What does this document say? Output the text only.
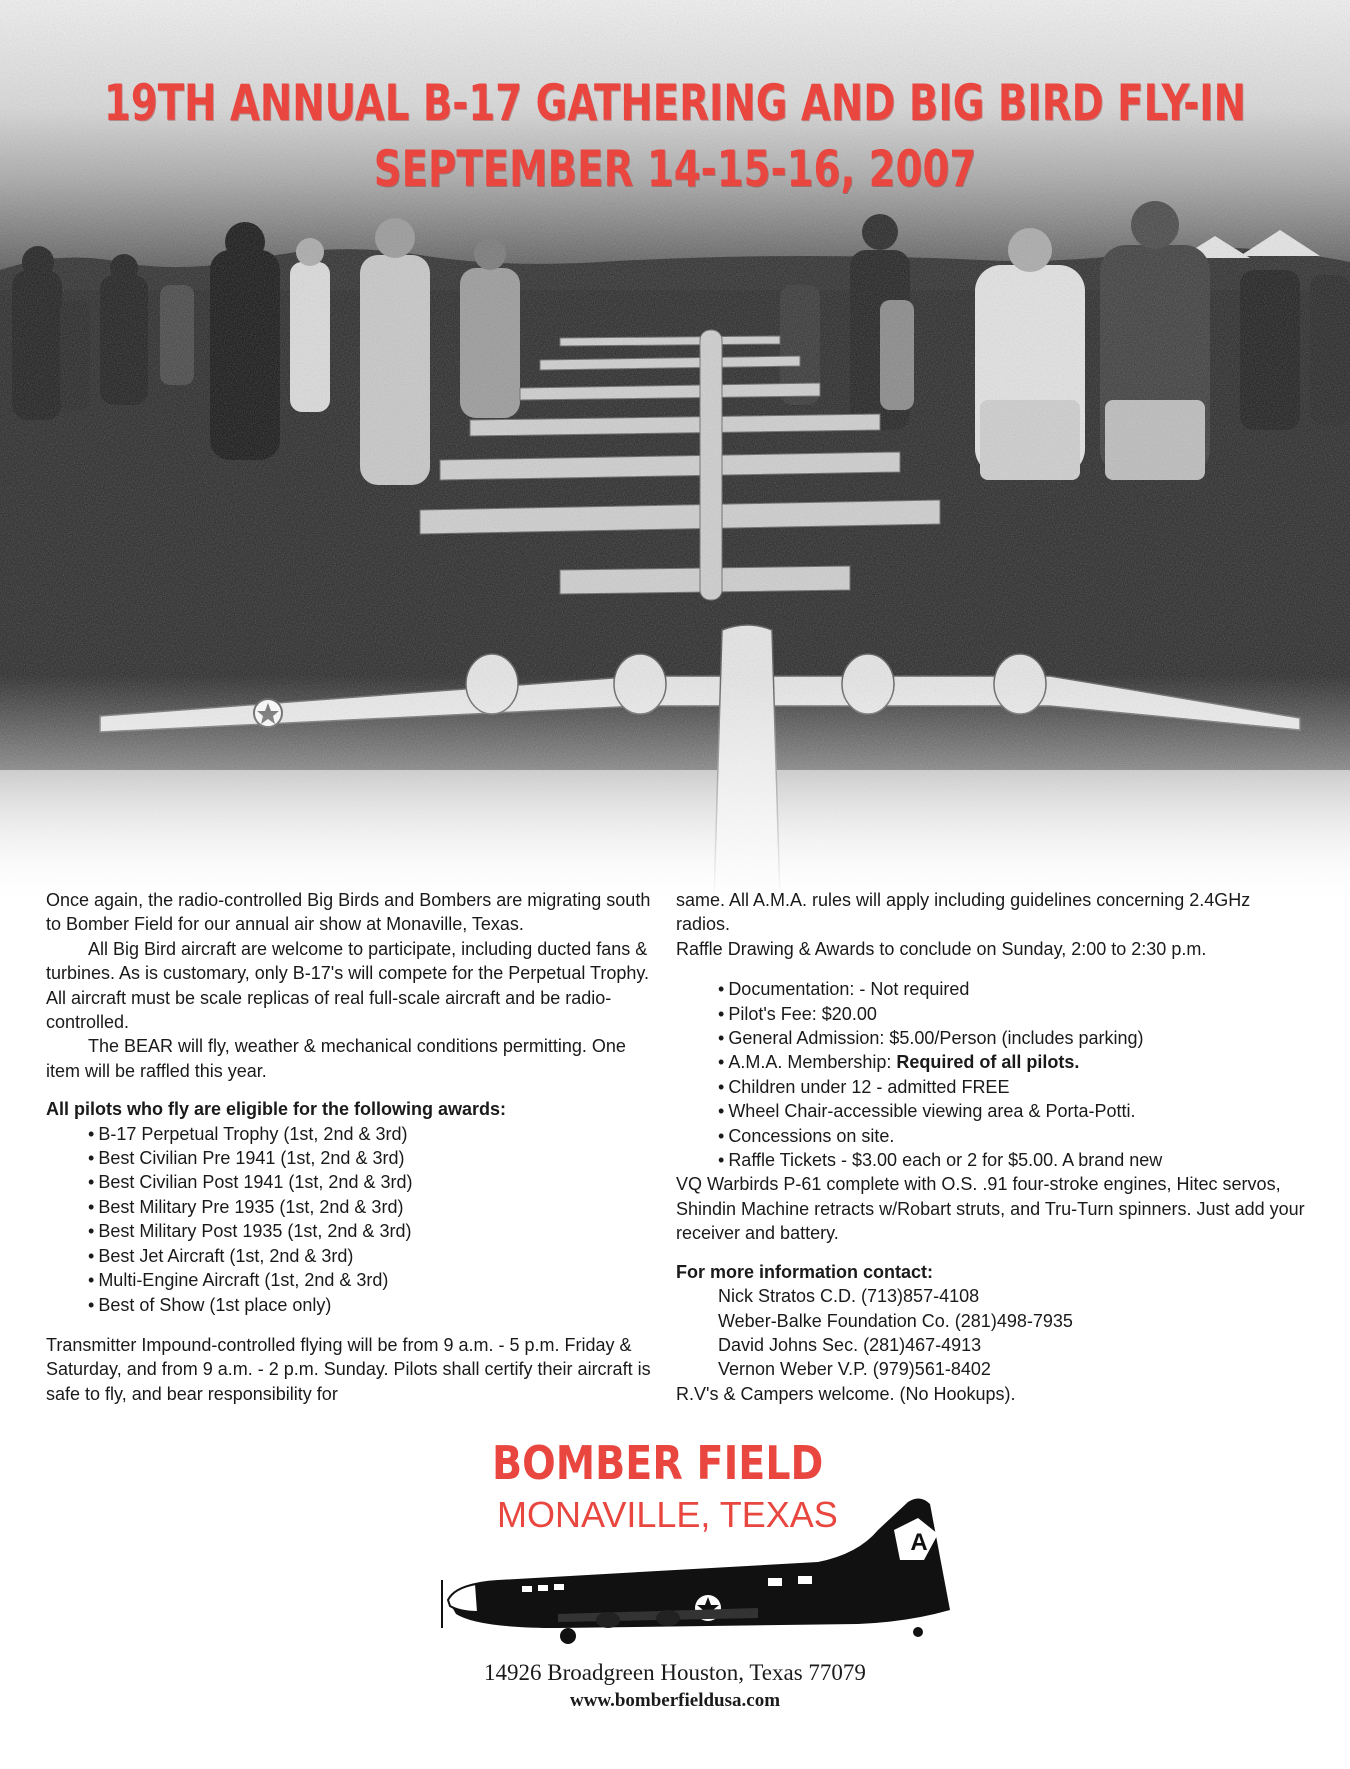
19TH ANNUAL B-17 GATHERING AND BIG BIRD FLY-IN
SEPTEMBER 14-15-16, 2007

Once again, the radio-controlled Big Birds and Bombers are migrating south to Bomber Field for our annual air show at Monaville, Texas.

All Big Bird aircraft are welcome to participate, including ducted fans & turbines. As is customary, only B-17's will compete for the Perpetual Trophy. All aircraft must be scale replicas of real full-scale aircraft and be radio-controlled.

The BEAR will fly, weather & mechanical conditions permitting. One item will be raffled this year.

All pilots who fly are eligible for the following awards:

• B-17 Perpetual Trophy (1st, 2nd & 3rd)
• Best Civilian Pre 1941 (1st, 2nd & 3rd)
• Best Civilian Post 1941 (1st, 2nd & 3rd)
• Best Military Pre 1935 (1st, 2nd & 3rd)
• Best Military Post 1935 (1st, 2nd & 3rd)
• Best Jet Aircraft (1st, 2nd & 3rd)
• Multi-Engine Aircraft (1st, 2nd & 3rd)
• Best of Show (1st place only)

Transmitter Impound-controlled flying will be from 9 a.m. - 5 p.m. Friday & Saturday, and from 9 a.m. - 2 p.m. Sunday. Pilots shall certify their aircraft is safe to fly, and bear responsibility for

same. All A.M.A. rules will apply including guidelines concerning 2.4GHz radios.

Raffle Drawing & Awards to conclude on Sunday, 2:00 to 2:30 p.m.

• Documentation: - Not required
• Pilot's Fee: $20.00
• General Admission: $5.00/Person (includes parking)
• A.M.A. Membership: Required of all pilots.
• Children under 12 - admitted FREE
• Wheel Chair-accessible viewing area & Porta-Potti.
• Concessions on site.
• Raffle Tickets - $3.00 each or 2 for $5.00. A brand new

VQ Warbirds P-61 complete with O.S. .91 four-stroke engines, Hitec servos, Shindin Machine retracts w/Robart struts, and Tru-Turn spinners. Just add your receiver and battery.

For more information contact:

Nick Stratos C.D. (713)857-4108

Weber-Balke Foundation Co. (281)498-7935

David Johns Sec. (281)467-4913

Vernon Weber V.P. (979)561-8402

R.V's & Campers welcome. (No Hookups).

A

BOMBER FIELD

MONAVILLE, TEXAS

14926 Broadgreen Houston, Texas 77079

www.bomberfieldusa.com
